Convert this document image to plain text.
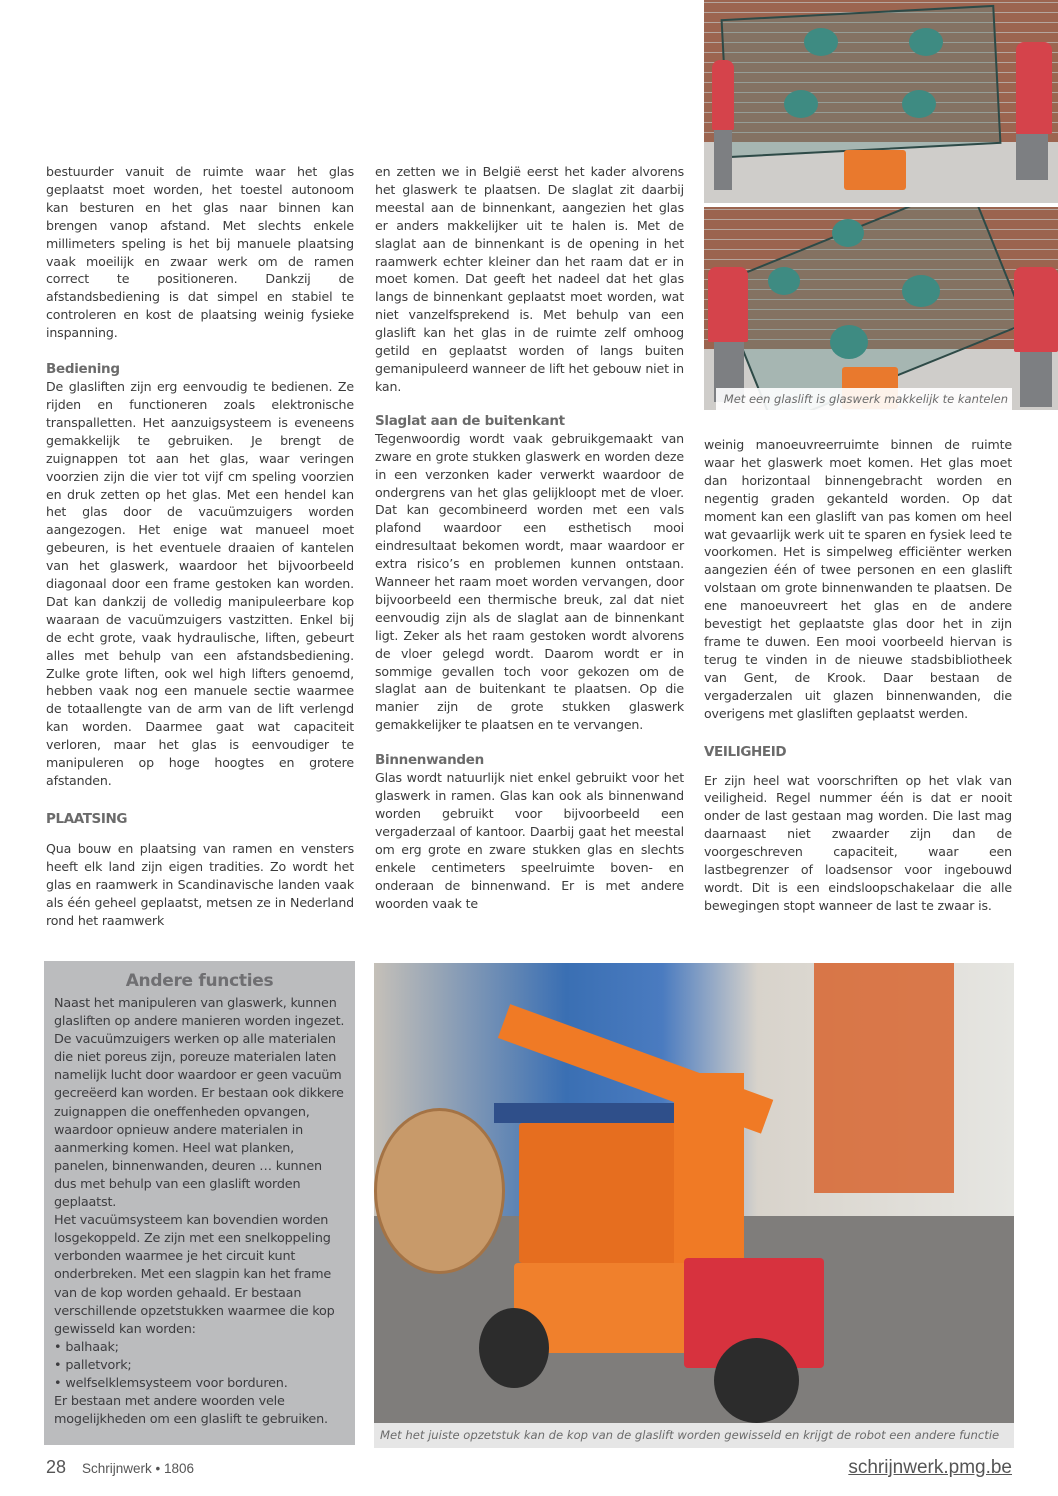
bestuurder vanuit de ruimte waar het glas geplaatst moet worden, het toestel autonoom kan besturen en het glas naar binnen kan brengen vanop afstand. Met slechts enkele millimeters speling is het bij manuele plaatsing vaak moeilijk en zwaar werk om de ramen correct te positioneren. Dankzij de afstandsbediening is dat simpel en stabiel te controleren en kost de plaatsing weinig fysieke inspanning.

Bediening

De glasliften zijn erg eenvoudig te bedienen. Ze rijden en functioneren zoals elektronische transpalletten. Het aanzuigsysteem is eveneens gemakkelijk te gebruiken. Je brengt de zuignappen tot aan het glas, waar veringen voorzien zijn die vier tot vijf cm speling voorzien en druk zetten op het glas. Met een hendel kan het glas door de vacuümzuigers worden aangezogen. Het enige wat manueel moet gebeuren, is het eventuele draaien of kantelen van het glaswerk, waardoor het bijvoorbeeld diagonaal door een frame gestoken kan worden. Dat kan dankzij de volledig manipuleerbare kop waaraan de vacuümzuigers vastzitten. Enkel bij de echt grote, vaak hydraulische, liften, gebeurt alles met behulp van een afstandsbediening. Zulke grote liften, ook wel high lifters genoemd, hebben vaak nog een manuele sectie waarmee de totaallengte van de arm van de lift verlengd kan worden. Daarmee gaat wat capaciteit verloren, maar het glas is eenvoudiger te manipuleren op hoge hoogtes en grotere afstanden.

PLAATSING

Qua bouw en plaatsing van ramen en vensters heeft elk land zijn eigen tradities. Zo wordt het glas en raamwerk in Scandinavische landen vaak als één geheel geplaatst, metsen ze in Nederland rond het raamwerk

en zetten we in België eerst het kader alvorens het glaswerk te plaatsen. De slaglat zit daarbij meestal aan de binnenkant, aangezien het glas er anders makkelijker uit te halen is. Met de slaglat aan de binnenkant is de opening in het raamwerk echter kleiner dan het raam dat er in moet komen. Dat geeft het nadeel dat het glas langs de binnenkant geplaatst moet worden, wat niet vanzelfsprekend is. Met behulp van een glaslift kan het glas in de ruimte zelf omhoog getild en geplaatst worden of langs buiten gemanipuleerd wanneer de lift het gebouw niet in kan.

Slaglat aan de buitenkant

Tegenwoordig wordt vaak gebruikgemaakt van zware en grote stukken glaswerk en worden deze in een verzonken kader verwerkt waardoor de ondergrens van het glas gelijkloopt met de vloer. Dat kan gecombineerd worden met een vals plafond waardoor een esthetisch mooi eindresultaat bekomen wordt, maar waardoor er extra risico’s en problemen kunnen ontstaan. Wanneer het raam moet worden vervangen, door bijvoorbeeld een thermische breuk, zal dat niet eenvoudig zijn als de slaglat aan de binnenkant ligt. Zeker als het raam gestoken wordt alvorens de vloer gelegd wordt. Daarom wordt er in sommige gevallen toch voor gekozen om de slaglat aan de buitenkant te plaatsen. Op die manier zijn de grote stukken glaswerk gemakkelijker te plaatsen en te vervangen.

Binnenwanden

Glas wordt natuurlijk niet enkel gebruikt voor het glaswerk in ramen. Glas kan ook als binnenwand worden gebruikt voor bijvoorbeeld een vergaderzaal of kantoor. Daarbij gaat het meestal om erg grote en zware stukken glas en slechts enkele centimeters speelruimte boven- en onderaan de binnenwand. Er is met andere woorden vaak te

weinig manoeuvreerruimte binnen de ruimte waar het glaswerk moet komen. Het glas moet dan horizontaal binnengebracht worden en negentig graden gekanteld worden. Op dat moment kan een glaslift van pas komen om heel wat gevaarlijk werk uit te sparen en fysiek leed te voorkomen. Het is simpelweg efficiënter werken aangezien één of twee personen en een glaslift volstaan om grote binnenwanden te plaatsen. De ene manoeuvreert het glas en de andere bevestigt het geplaatste glas door het in zijn frame te duwen. Een mooi voorbeeld hiervan is terug te vinden in de nieuwe stadsbibliotheek van Gent, de Krook. Daar bestaan de vergaderzalen uit glazen binnenwanden, die overigens met glasliften geplaatst werden.

VEILIGHEID

Er zijn heel wat voorschriften op het vlak van veiligheid. Regel nummer één is dat er nooit onder de last gestaan mag worden. Die last mag daarnaast niet zwaarder zijn dan de voorgeschreven capaciteit, waar een lastbegrenzer of loadsensor voor ingebouwd wordt. Dit is een eindsloopschakelaar die alle bewegingen stopt wanneer de last te zwaar is.

Met een glaslift is glaswerk makkelijk te kantelen
Andere functies

Naast het manipuleren van glaswerk, kunnen glasliften op andere manieren worden ingezet. De vacuümzuigers werken op alle materialen die niet poreus zijn, poreuze materialen laten namelijk lucht door waardoor er geen vacuüm gecreëerd kan worden. Er bestaan ook dikkere zuignappen die oneffenheden opvangen, waardoor opnieuw andere materialen in aanmerking komen. Heel wat planken, panelen, binnenwanden, deuren … kunnen dus met behulp van een glaslift worden geplaatst.

Het vacuümsysteem kan bovendien worden losgekoppeld. Ze zijn met een snelkoppeling verbonden waarmee je het circuit kunt onderbreken. Met een slagpin kan het frame van de kop worden gehaald. Er bestaan verschillende opzetstukken waarmee die kop gewisseld kan worden:

• balhaak;
• palletvork;
• welfselklemsysteem voor borduren.

Er bestaan met andere woorden vele mogelijkheden om een glaslift te gebruiken.

Met het juiste opzetstuk kan de kop van de glaslift worden gewisseld en krijgt de robot een andere functie
28 Schrijnwerk • 1806	schrijnwerk.pmg.be
